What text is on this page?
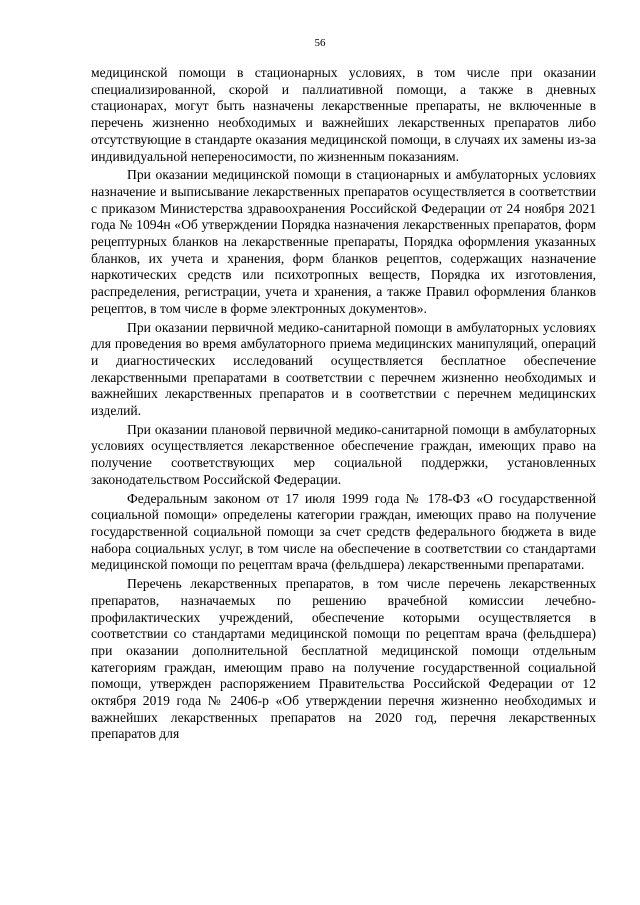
56

медицинской помощи в стационарных условиях, в том числе при оказании специализированной, скорой и паллиативной помощи, а также в дневных стационарах, могут быть назначены лекарственные препараты, не включенные в перечень жизненно необходимых и важнейших лекарственных препаратов либо отсутствующие в стандарте оказания медицинской помощи, в случаях их замены из-за индивидуальной непереносимости, по жизненным показаниям.

При оказании медицинской помощи в стационарных и амбулаторных условиях назначение и выписывание лекарственных препаратов осуществляется в соответствии с приказом Министерства здравоохранения Российской Федерации от 24 ноября 2021 года № 1094н «Об утверждении Порядка назначения лекарственных препаратов, форм рецептурных бланков на лекарственные препараты, Порядка оформления указанных бланков, их учета и хранения, форм бланков рецептов, содержащих назначение наркотических средств или психотропных веществ, Порядка их изготовления, распределения, регистрации, учета и хранения, а также Правил оформления бланков рецептов, в том числе в форме электронных документов».

При оказании первичной медико-санитарной помощи в амбулаторных условиях для проведения во время амбулаторного приема медицинских манипуляций, операций и диагностических исследований осуществляется бесплатное обеспечение лекарственными препаратами в соответствии с перечнем жизненно необходимых и важнейших лекарственных препаратов и в соответствии с перечнем медицинских изделий.

При оказании плановой первичной медико-санитарной помощи в амбулаторных условиях осуществляется лекарственное обеспечение граждан, имеющих право на получение соответствующих мер социальной поддержки, установленных законодательством Российской Федерации.

Федеральным законом от 17 июля 1999 года № 178-ФЗ «О государственной социальной помощи» определены категории граждан, имеющих право на получение государственной социальной помощи за счет средств федерального бюджета в виде набора социальных услуг, в том числе на обеспечение в соответствии со стандартами медицинской помощи по рецептам врача (фельдшера) лекарственными препаратами.

Перечень лекарственных препаратов, в том числе перечень лекарственных препаратов, назначаемых по решению врачебной комиссии лечебно-профилактических учреждений, обеспечение которыми осуществляется в соответствии со стандартами медицинской помощи по рецептам врача (фельдшера) при оказании дополнительной бесплатной медицинской помощи отдельным категориям граждан, имеющим право на получение государственной социальной помощи, утвержден распоряжением Правительства Российской Федерации от 12 октября 2019 года № 2406-р «Об утверждении перечня жизненно необходимых и важнейших лекарственных препаратов на 2020 год, перечня лекарственных препаратов для
